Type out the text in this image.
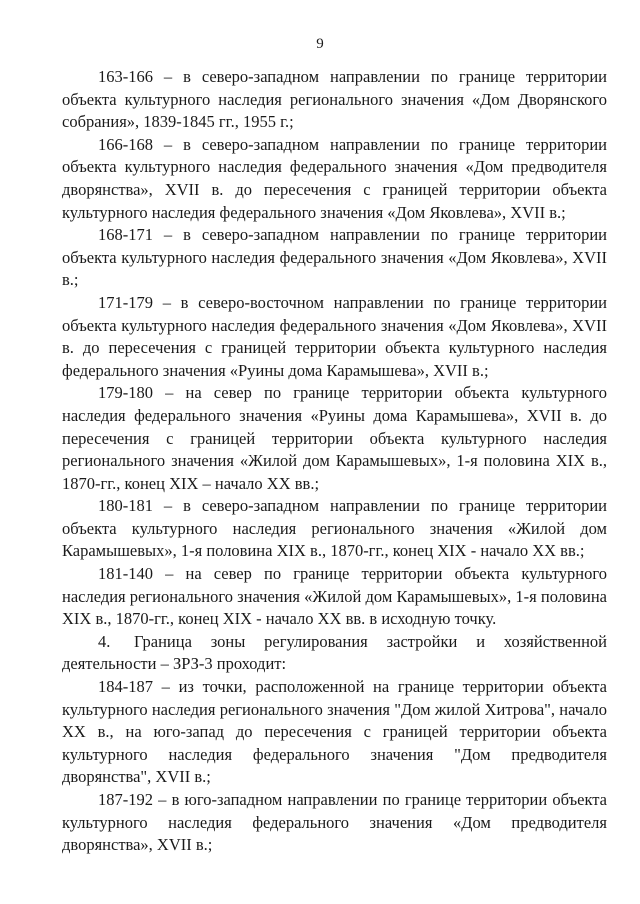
9

163-166 – в северо-западном направлении по границе территории объекта культурного наследия регионального значения «Дом Дворянского собрания», 1839-1845 гг., 1955 г.;

166-168 – в северо-западном направлении по границе территории объекта культурного наследия федерального значения «Дом предводителя дворянства», XVII в. до пересечения с границей территории объекта культурного наследия федерального значения «Дом Яковлева», XVII в.;

168-171 – в северо-западном направлении по границе территории объекта культурного наследия федерального значения «Дом Яковлева», XVII в.;

171-179 – в северо-восточном направлении по границе территории объекта культурного наследия федерального значения «Дом Яковлева», XVII в. до пересечения с границей территории объекта культурного наследия федерального значения «Руины дома Карамышева», XVII в.;

179-180 – на север по границе территории объекта культурного наследия федерального значения «Руины дома Карамышева», XVII в. до пересечения с границей территории объекта культурного наследия регионального значения «Жилой дом Карамышевых», 1-я половина XIX в., 1870-гг., конец XIX – начало XX вв.;

180-181 – в северо-западном направлении по границе территории объекта культурного наследия регионального значения «Жилой дом Карамышевых», 1-я половина XIX в., 1870-гг., конец XIX - начало XX вв.;

181-140 – на север по границе территории объекта культурного наследия регионального значения «Жилой дом Карамышевых», 1-я половина XIX в., 1870-гг., конец XIX - начало XX вв. в исходную точку.

4. Граница зоны регулирования застройки и хозяйственной деятельности – ЗРЗ-3 проходит:

184-187 – из точки, расположенной на границе территории объекта культурного наследия регионального значения "Дом жилой Хитрова", начало XX в., на юго-запад до пересечения с границей территории объекта культурного наследия федерального значения "Дом предводителя дворянства", XVII в.;

187-192 – в юго-западном направлении по границе территории объекта культурного наследия федерального значения «Дом предводителя дворянства», XVII в.;
